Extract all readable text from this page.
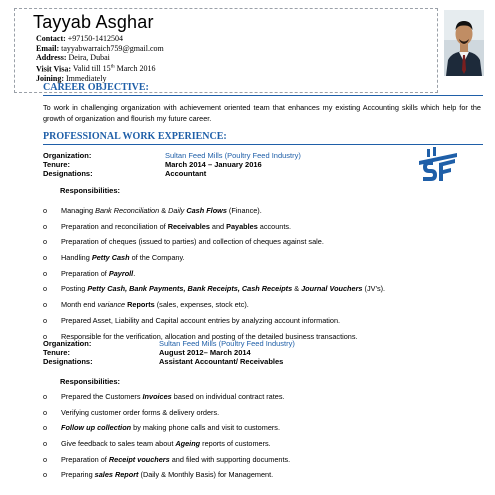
Tayyab Asghar
Contact: +97150-1412504
Email: tayyabwarraich759@gmail.com
Address: Deira, Dubai
Visit Visa: Valid till 15th March 2016
Joining: Immediately
CAREER OBJECTIVE:
To work in challenging organization with achievement oriented team that enhances my existing Accounting skills which help for the growth of organization and flourish my future career.
PROFESSIONAL WORK EXPERIENCE:
Organization:	Sultan Feed Mills (Poultry Feed Industry)
Tenure:	March 2014 – January 2016
Designations:	Accountant
Responsibilities:
o Managing Bank Reconciliation & Daily Cash Flows (Finance).
o Preparation and reconciliation of Receivables and Payables accounts.
o Preparation of cheques (issued to parties) and collection of cheques against sale.
o Handling Petty Cash of the Company.
o Preparation of Payroll.
o Posting Petty Cash, Bank Payments, Bank Receipts, Cash Receipts & Journal Vouchers (JV’s).
o Month end variance Reports (sales, expenses, stock etc).
o Prepared Asset, Liability and Capital account entries by analyzing account information.
o Responsible for the verification, allocation and posting of the detailed business transactions.
Organization:	Sultan Feed Mills (Poultry Feed Industry)
Tenure:	August 2012– March 2014
Designations:	Assistant Accountant/ Receivables
Responsibilities:
o Prepared the Customers Invoices based on individual contract rates.
o Verifying customer order forms & delivery orders.
o Follow up collection by making phone calls and visit to customers.
o Give feedback to sales team about Ageing reports of customers.
o Preparation of Receipt vouchers and filed with supporting documents.
o Preparing sales Report (Daily & Monthly Basis) for Management.
